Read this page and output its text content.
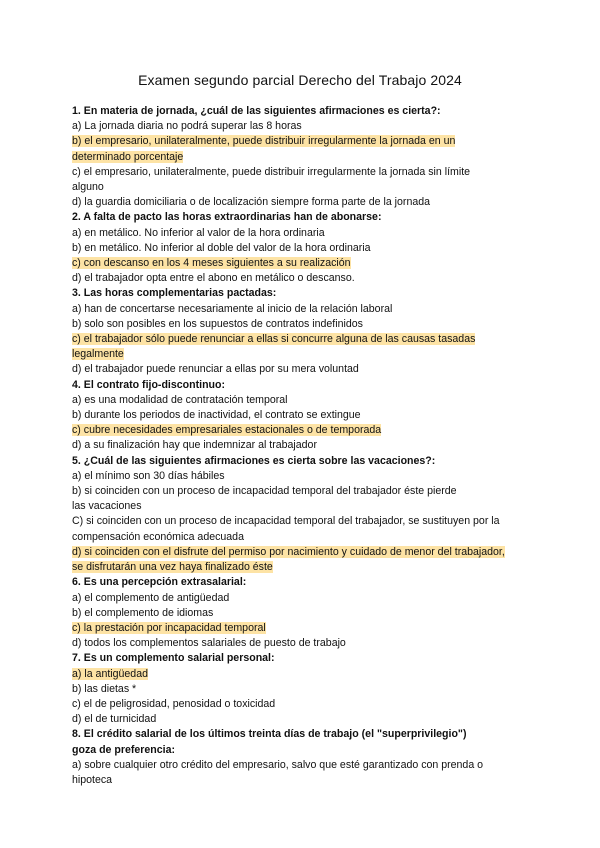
Examen segundo parcial Derecho del Trabajo 2024
1. En materia de jornada, ¿cuál de las siguientes afirmaciones es cierta?:
a) La jornada diaria no podrá superar las 8 horas
b) el empresario, unilateralmente, puede distribuir irregularmente la jornada en un
determinado porcentaje
c) el empresario, unilateralmente, puede distribuir irregularmente la jornada sin límite
alguno
d) la guardia domiciliaria o de localización siempre forma parte de la jornada
2. A falta de pacto las horas extraordinarias han de abonarse:
a) en metálico. No inferior al valor de la hora ordinaria
b) en metálico. No inferior al doble del valor de la hora ordinaria
c) con descanso en los 4 meses siguientes a su realización
d) el trabajador opta entre el abono en metálico o descanso.
3. Las horas complementarias pactadas:
a) han de concertarse necesariamente al inicio de la relación laboral
b) solo son posibles en los supuestos de contratos indefinidos
c) el trabajador sólo puede renunciar a ellas si concurre alguna de las causas tasadas
legalmente
d) el trabajador puede renunciar a ellas por su mera voluntad
4. El contrato fijo-discontinuo:
a) es una modalidad de contratación temporal
b) durante los periodos de inactividad, el contrato se extingue
c) cubre necesidades empresariales estacionales o de temporada
d) a su finalización hay que indemnizar al trabajador
5. ¿Cuál de las siguientes afirmaciones es cierta sobre las vacaciones?:
a) el mínimo son 30 días hábiles
b) si coinciden con un proceso de incapacidad temporal del trabajador éste pierde
las vacaciones
C) si coinciden con un proceso de incapacidad temporal del trabajador, se sustituyen por la
compensación económica adecuada
d) si coinciden con el disfrute del permiso por nacimiento y cuidado de menor del trabajador,
se disfrutarán una vez haya finalizado éste
6. Es una percepción extrasalarial:
a) el complemento de antigüedad
b) el complemento de idiomas
c) la prestación por incapacidad temporal
d) todos los complementos salariales de puesto de trabajo
7. Es un complemento salarial personal:
a) la antigüedad
b) las dietas *
c) el de peligrosidad, penosidad o toxicidad
d) el de turnicidad
8. El crédito salarial de los últimos treinta días de trabajo (el "superprivilegio")
goza de preferencia:
a) sobre cualquier otro crédito del empresario, salvo que esté garantizado con prenda o
hipoteca
